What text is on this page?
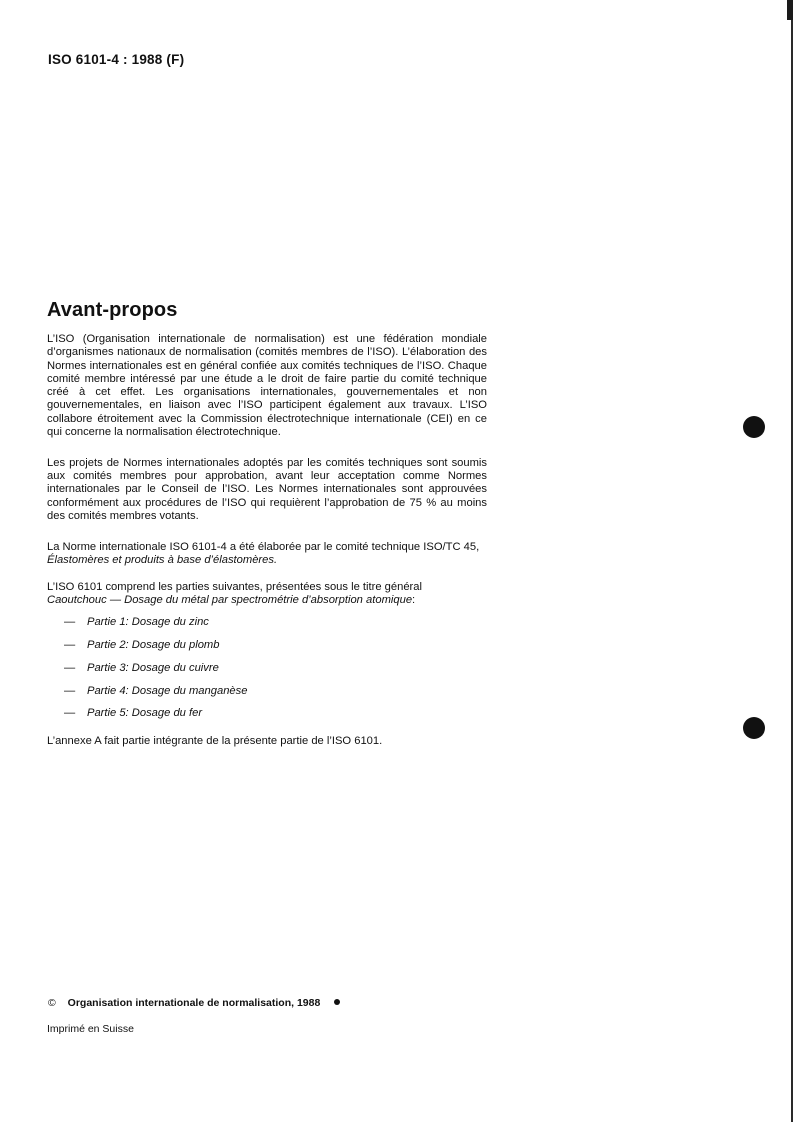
ISO 6101-4 : 1988 (F)
Avant-propos

L’ISO (Organisation internationale de normalisation) est une fédération mondiale d’organismes nationaux de normalisation (comités membres de l’ISO). L’élaboration des Normes internationales est en général confiée aux comités techniques de l’ISO. Chaque comité membre intéressé par une étude a le droit de faire partie du comité technique créé à cet effet. Les organisations internationales, gouvernementales et non gouvernementales, en liaison avec l’ISO participent également aux travaux. L’ISO collabore étroitement avec la Commission électrotechnique internationale (CEI) en ce qui concerne la normalisation électrotechnique.

Les projets de Normes internationales adoptés par les comités techniques sont soumis aux comités membres pour approbation, avant leur acceptation comme Normes internationales par le Conseil de l’ISO. Les Normes internationales sont approuvées conformément aux procédures de l’ISO qui requièrent l’approbation de 75 % au moins des comités membres votants.

La Norme internationale ISO 6101-4 a été élaborée par le comité technique ISO/TC 45,
Élastomères et produits à base d’élastomères.

L’ISO 6101 comprend les parties suivantes, présentées sous le titre général
Caoutchouc — Dosage du métal par spectrométrie d’absorption atomique:

— Partie 1: Dosage du zinc
— Partie 2: Dosage du plomb
— Partie 3: Dosage du cuivre
— Partie 4: Dosage du manganèse
— Partie 5: Dosage du fer

L’annexe A fait partie intégrante de la présente partie de l’ISO 6101.

© Organisation internationale de normalisation, 1988
Imprimé en Suisse
